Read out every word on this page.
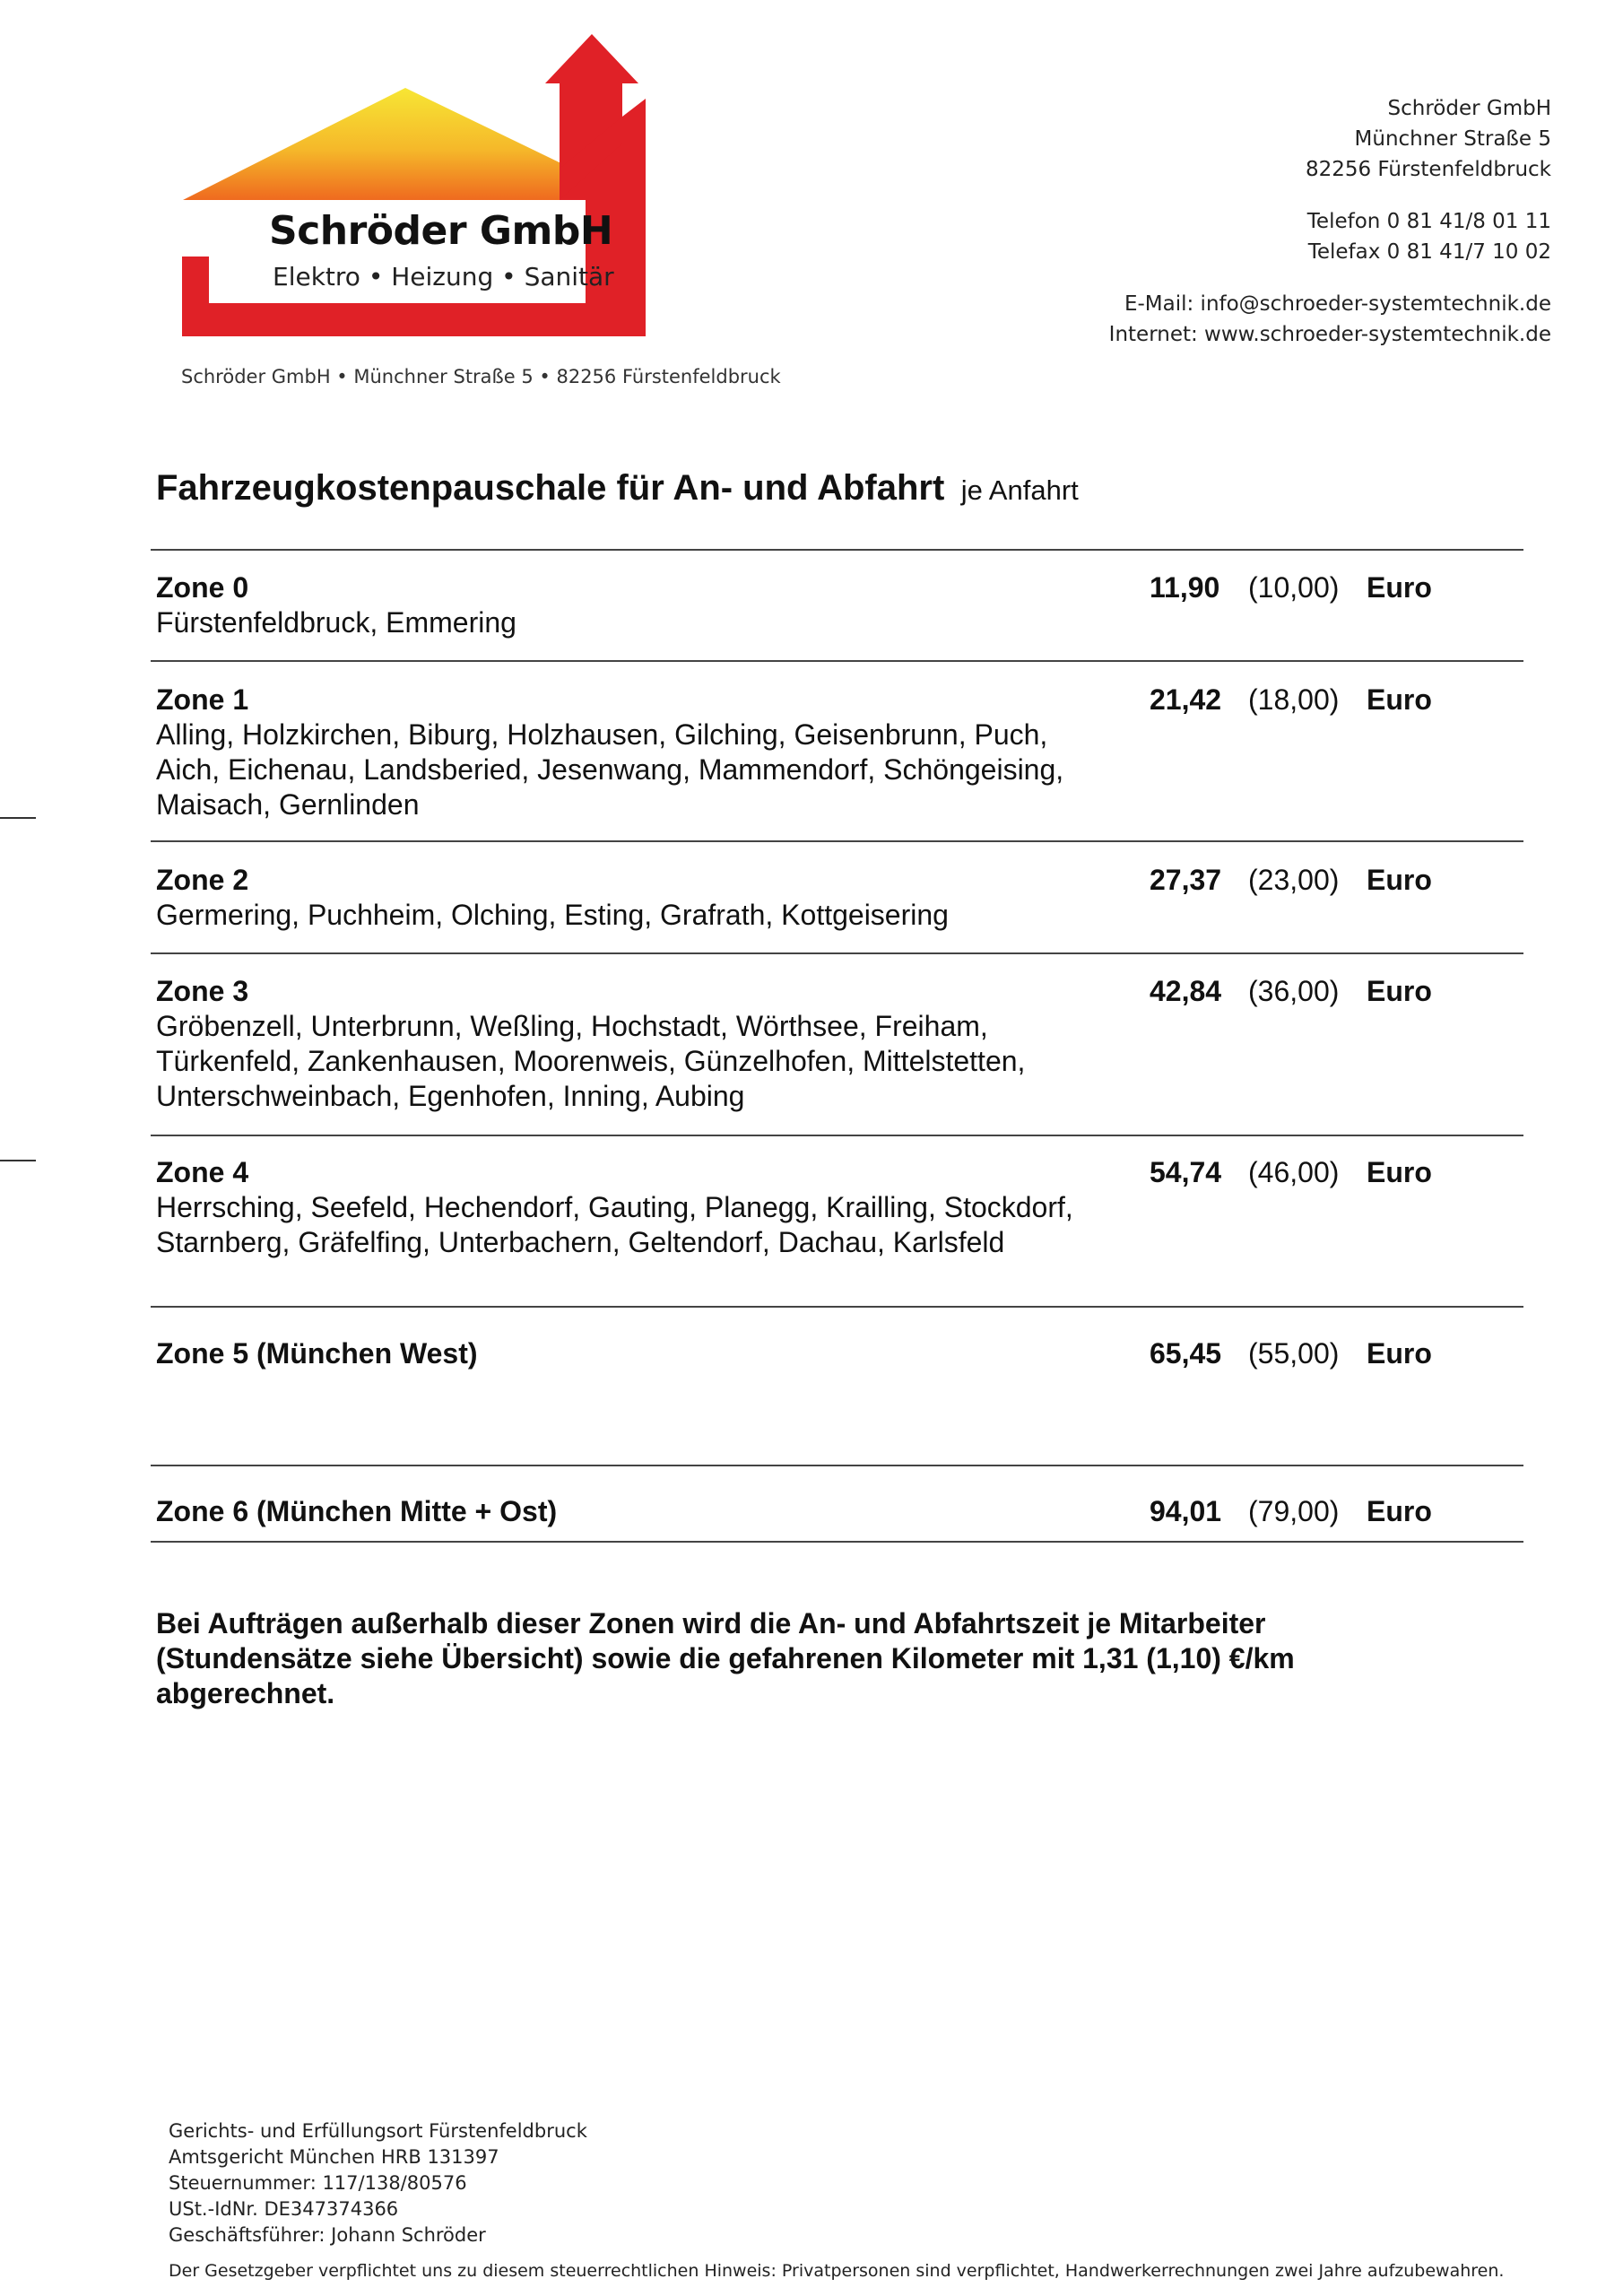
Schröder GmbH
Elektro • Heizung • Sanitär
Schröder GmbH • Münchner Straße 5 • 82256 Fürstenfeldbruck
Schröder GmbH
Münchner Straße 5
82256 Fürstenfeldbruck
Telefon 0 81 41/8 01 11
Telefax 0 81 41/7 10 02
E-Mail: info@schroeder-systemtechnik.de
Internet: www.schroeder-systemtechnik.de
Fahrzeugkostenpauschale für An- und Abfahrt je Anfahrt
Zone 0
Fürstenfeldbruck, Emmering
11,90 (10,00) Euro
Zone 1
Alling, Holzkirchen, Biburg, Holzhausen, Gilching, Geisenbrunn, Puch, Aich, Eichenau, Landsberied, Jesenwang, Mammendorf, Schöngeising, Maisach, Gernlinden
21,42 (18,00) Euro
Zone 2
Germering, Puchheim, Olching, Esting, Grafrath, Kottgeisering
27,37 (23,00) Euro
Zone 3
Gröbenzell, Unterbrunn, Weßling, Hochstadt, Wörthsee, Freiham, Türkenfeld, Zankenhausen, Moorenweis, Günzelhofen, Mittelstetten, Unterschweinbach, Egenhofen, Inning, Aubing
42,84 (36,00) Euro
Zone 4
Herrsching, Seefeld, Hechendorf, Gauting, Planegg, Krailling, Stockdorf, Starnberg, Gräfelfing, Unterbachern, Geltendorf, Dachau, Karlsfeld
54,74 (46,00) Euro
Zone 5 (München West)	65,45 (55,00) Euro
Zone 6 (München Mitte + Ost)	94,01 (79,00) Euro
Bei Aufträgen außerhalb dieser Zonen wird die An- und Abfahrtszeit je Mitarbeiter (Stundensätze siehe Übersicht) sowie die gefahrenen Kilometer mit 1,31 (1,10) €/km abgerechnet.
Gerichts- und Erfüllungsort Fürstenfeldbruck
Amtsgericht München HRB 131397
Steuernummer: 117/138/80576
USt.-IdNr. DE347374366
Geschäftsführer: Johann Schröder
Der Gesetzgeber verpflichtet uns zu diesem steuerrechtlichen Hinweis: Privatpersonen sind verpflichtet, Handwerkerrechnungen zwei Jahre aufzubewahren.
